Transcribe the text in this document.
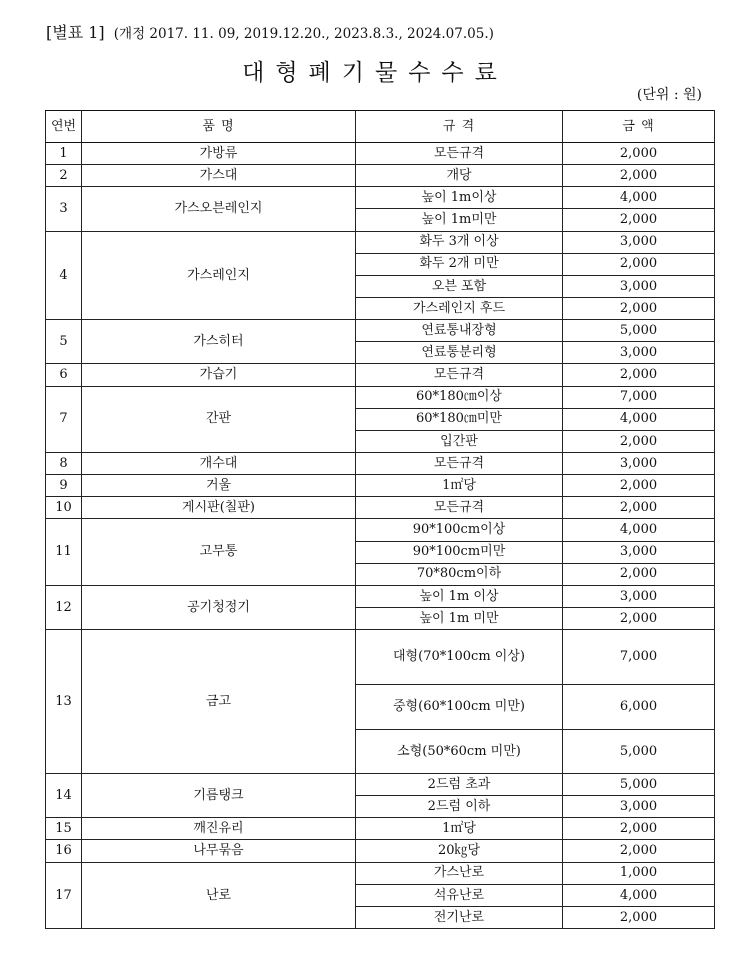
[별표 1] (개정 2017. 11. 09, 2019.12.20., 2023.8.3., 2024.07.05.)
대형폐기물수수료
(단위 : 원)
연번	품 명	규 격	금 액
1	가방류	모든규격	2,000
2	가스대	개당	2,000
3	가스오븐레인지	높이 1m이상	4,000
		높이 1m미만	2,000
4	가스레인지	화두 3개 이상	3,000
		화두 2개 미만	2,000
		오븐 포함	3,000
		가스레인지 후드	2,000
5	가스히터	연료통내장형	5,000
		연료통분리형	3,000
6	가습기	모든규격	2,000
7	간판	60*180㎝이상	7,000
		60*180㎝미만	4,000
		입간판	2,000
8	개수대	모든규격	3,000
9	거울	1㎡당	2,000
10	게시판(칠판)	모든규격	2,000
11	고무통	90*100cm이상	4,000
		90*100cm미만	3,000
		70*80cm이하	2,000
12	공기청정기	높이 1m 이상	3,000
		높이 1m 미만	2,000
13	금고	대형(70*100cm 이상)	7,000
		중형(60*100cm 미만)	6,000
		소형(50*60cm 미만)	5,000
14	기름탱크	2드럼 초과	5,000
		2드럼 이하	3,000
15	깨진유리	1㎡당	2,000
16	나무묶음	20㎏당	2,000
17	난로	가스난로	1,000
		석유난로	4,000
		전기난로	2,000
